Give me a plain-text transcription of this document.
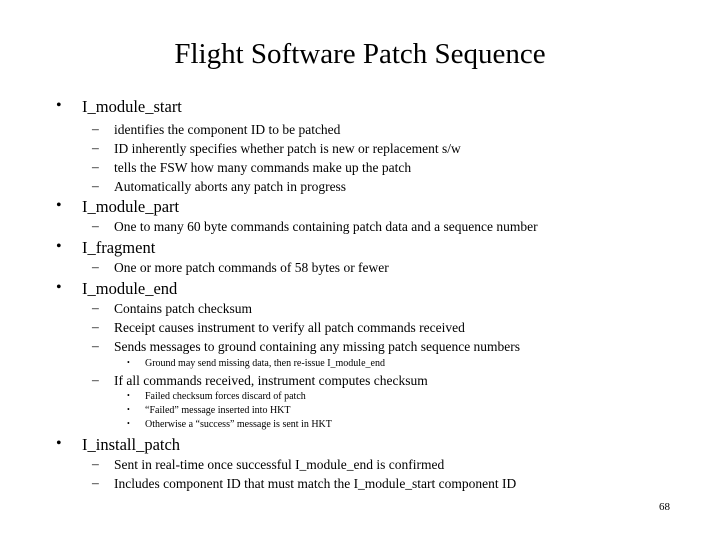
Flight Software Patch Sequence
• I_module_start
– identifies the component ID to be patched
– ID inherently specifies whether patch is new or replacement s/w
– tells the FSW how many commands make up the patch
– Automatically aborts any patch in progress
• I_module_part
– One to many 60 byte commands containing patch data and a sequence number
• I_fragment
– One or more patch commands of 58 bytes or fewer
• I_module_end
– Contains patch checksum
– Receipt causes instrument to verify all patch commands received
– Sends messages to ground containing any missing patch sequence numbers
• Ground may send missing data, then re-issue I_module_end
– If all commands received, instrument computes checksum
• Failed checksum forces discard of patch
• “Failed” message inserted into HKT
• Otherwise a “success” message is sent in HKT
• I_install_patch
– Sent in real-time once successful I_module_end is confirmed
– Includes component ID that must match the I_module_start component ID
68
